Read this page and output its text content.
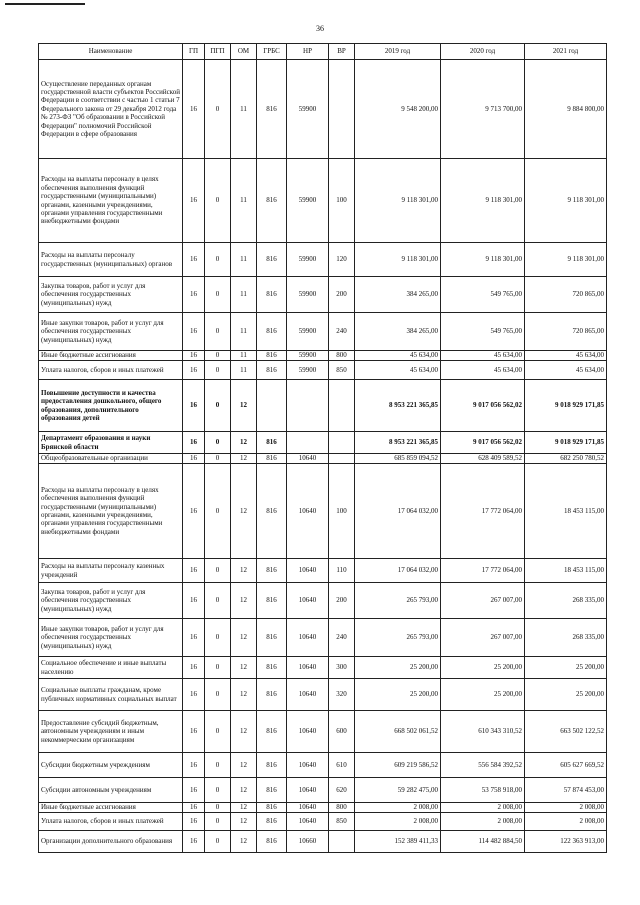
36
Наименование	ГП	ПГП	ОМ	ГРБС	НР	ВР	2019 год	2020 год	2021 год
Осуществление переданных органам государственной власти субъектов Российской Федерации в соответствии с частью 1 статьи 7 Федерального закона от 29 декабря 2012 года № 273-ФЗ "Об образовании в Российской Федерации" полномочий Российской Федерации в сфере образования	16	0	11	816	59900		9 548 200,00	9 713 700,00	9 884 800,00
Расходы на выплаты персоналу в целях обеспечения выполнения функций государственными (муниципальными) органами, казенными учреждениями, органами управления государственными внебюджетными фондами	16	0	11	816	59900	100	9 118 301,00	9 118 301,00	9 118 301,00
Расходы на выплаты персоналу государственных (муниципальных) органов	16	0	11	816	59900	120	9 118 301,00	9 118 301,00	9 118 301,00
Закупка товаров, работ и услуг для обеспечения государственных (муниципальных) нужд	16	0	11	816	59900	200	384 265,00	549 765,00	720 865,00
Иные закупки товаров, работ и услуг для обеспечения государственных (муниципальных) нужд	16	0	11	816	59900	240	384 265,00	549 765,00	720 865,00
Иные бюджетные ассигнования	16	0	11	816	59900	800	45 634,00	45 634,00	45 634,00
Уплата налогов, сборов и иных платежей	16	0	11	816	59900	850	45 634,00	45 634,00	45 634,00
Повышение доступности и качества предоставления дошкольного, общего образования, дополнительного образования детей	16	0	12				8 953 221 365,85	9 017 056 562,02	9 018 929 171,85
Департамент образования и науки Брянской области	16	0	12	816			8 953 221 365,85	9 017 056 562,02	9 018 929 171,85
Общеобразовательные организации	16	0	12	816	10640		685 859 094,52	628 409 589,52	682 250 780,52
Расходы на выплаты персоналу в целях обеспечения выполнения функций государственными (муниципальными) органами, казенными учреждениями, органами управления государственными внебюджетными фондами	16	0	12	816	10640	100	17 064 032,00	17 772 064,00	18 453 115,00
Расходы на выплаты персоналу казенных учреждений	16	0	12	816	10640	110	17 064 032,00	17 772 064,00	18 453 115,00
Закупка товаров, работ и услуг для обеспечения государственных (муниципальных) нужд	16	0	12	816	10640	200	265 793,00	267 007,00	268 335,00
Иные закупки товаров, работ и услуг для обеспечения государственных (муниципальных) нужд	16	0	12	816	10640	240	265 793,00	267 007,00	268 335,00
Социальное обеспечение и иные выплаты населению	16	0	12	816	10640	300	25 200,00	25 200,00	25 200,00
Социальные выплаты гражданам, кроме публичных нормативных социальных выплат	16	0	12	816	10640	320	25 200,00	25 200,00	25 200,00
Предоставление субсидий бюджетным, автономным учреждениям и иным некоммерческим организациям	16	0	12	816	10640	600	668 502 061,52	610 343 310,52	663 502 122,52
Субсидии бюджетным учреждениям	16	0	12	816	10640	610	609 219 586,52	556 584 392,52	605 627 669,52
Субсидии автономным учреждениям	16	0	12	816	10640	620	59 282 475,00	53 758 918,00	57 874 453,00
Иные бюджетные ассигнования	16	0	12	816	10640	800	2 008,00	2 008,00	2 008,00
Уплата налогов, сборов и иных платежей	16	0	12	816	10640	850	2 008,00	2 008,00	2 008,00
Организации дополнительного образования	16	0	12	816	10660		152 389 411,33	114 482 884,50	122 363 913,00
